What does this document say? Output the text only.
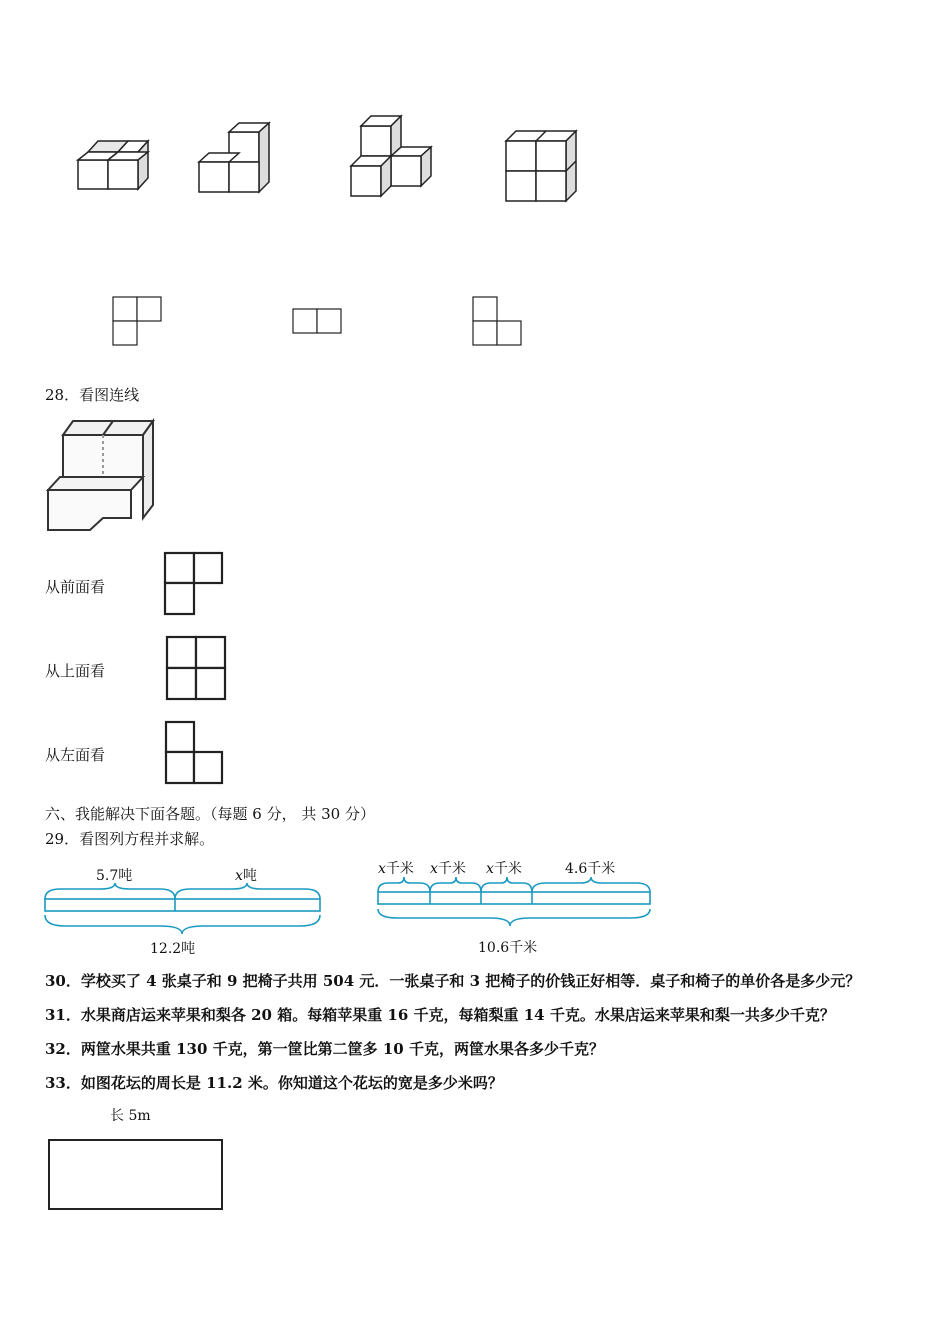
28．看图连线
从前面看
从上面看
从左面看
六、我能解决下面各题。（每题 6 分， 共 30 分）
29．看图列方程并求解。
5.7吨	x吨
12.2吨
x千米 x千米 x千米	4.6千米
10.6千米
30．学校买了 4 张桌子和 9 把椅子共用 504 元．一张桌子和 3 把椅子的价钱正好相等．桌子和椅子的单价各是多少元？
31．水果商店运来苹果和梨各 20 箱。每箱苹果重 16 千克，每箱梨重 14 千克。水果店运来苹果和梨一共多少千克？
32．两筐水果共重 130 千克，第一筐比第二筐多 10 千克，两筐水果各多少千克？
33．如图花坛的周长是 11.2 米。你知道这个花坛的宽是多少米吗？
长 5m
